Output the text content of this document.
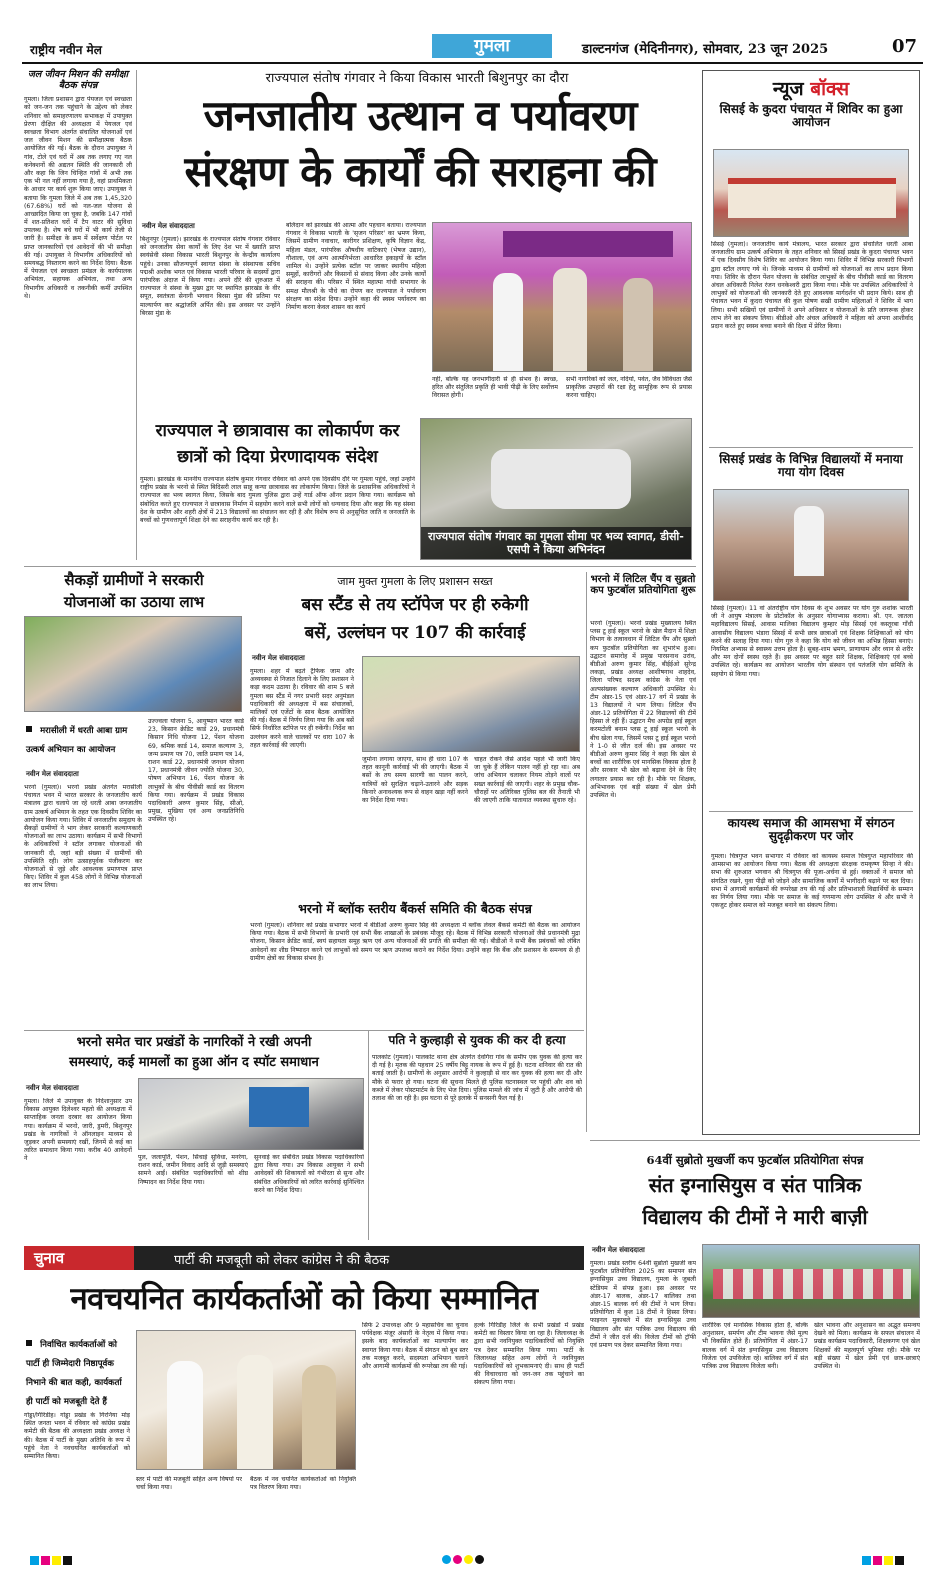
राष्ट्रीय नवीन मेल	गुमला	डाल्टनगंज (मेदिनीनगर), सोमवार, 23 जून 2025	07
जल जीवन मिशन की समीक्षा बैठक संपन्न
गुमला। जिला प्रशासन द्वारा पेयजल एवं स्वच्छता को जन-जन तक पहुंचाने के उद्देश्य को लेकर शनिवार को समाहरणालय सभाकक्ष में उपायुक्त प्रेरणा दीक्षित की अध्यक्षता में पेयजल एवं स्वच्छता विभाग अंतर्गत संचालित योजनाओं एवं जल जीवन मिशन की समीक्षात्मक बैठक आयोजित की गई। बैठक के दौरान उपायुक्त ने गांव, टोले एवं घरों में अब तक लगाए गए नल कनेक्शनों की अद्यतन स्थिति की जानकारी ली और कहा कि जिन चिन्हित गांवों में अभी तक एक भी नल नहीं लगाया गया है, वहां प्राथमिकता के आधार पर कार्य शुरू किया जाए। उपायुक्त ने बताया कि गुमला जिले में अब तक 1,45,320 (67.68%) घरों को नल-जल योजना से आच्छादित किया जा चुका है, जबकि 147 गांवों में शत-प्रतिशत घरों में टैप वाटर की सुविधा उपलब्ध है। शेष बचे घरों में भी कार्य तेजी से जारी है। समीक्षा के क्रम में सर्वेक्षण पोर्टल पर प्राप्त जानकारियों एवं आवेदनों की भी समीक्षा की गई। उपायुक्त ने विभागीय अधिकारियों को समयबद्ध निस्तारण करने का निर्देश दिया। बैठक में पेयजल एवं स्वच्छता प्रमंडल के कार्यपालक अभियंता, सहायक अभियंता, तथा अन्य विभागीय अधिकारी व तकनीकी कर्मी उपस्थित थे।
राज्यपाल संतोष गंगवार ने किया विकास भारती बिशुनपुर का दौरा
जनजातीय उत्थान व पर्यावरण
संरक्षण के कार्यों की सराहना की
नवीन मेल संवाददाता
बिशुनपुर (गुमला)। झारखंड के राज्यपाल संतोष गंगवार रविवार को जनजातीय सेवा कार्यों के लिए देश भर में ख्याति प्राप्त स्वयंसेवी संस्था विकास भारती बिशुनपुर के केन्द्रीय कार्यालय पहुंचे। उनका सौजन्यपूर्ण स्वागत संस्था के संस्थापक सचिव पद्मश्री अशोक भगत एवं विकास भारती परिवार के सदस्यों द्वारा पारंपरिक अंदाज में किया गया। अपने दौरे की शुरुआत में राज्यपाल ने संस्था के मुख्य द्वार पर स्थापित झारखंड के वीर सपूत, स्वतंत्रता सेनानी भगवान बिरसा मुंडा की प्रतिमा पर माल्यार्पण कर श्रद्धांजलि अर्पित की। इस अवसर पर उन्होंने बिरसा मुंडा के
बलिदान को झारखंड की आत्मा और पहचान बताया। राज्यपाल गंगवार ने विकास भारती के 'सृजन परिसर' का भ्रमण किया, जिसमें ग्रामीण नवाचार, कारीगर प्रशिक्षण, कृषि विज्ञान केंद्र, महिला मंडल, पारंपरिक औषधीय वाटिकाएं (भेषज उद्यान), गौशाला, एवं अन्य आत्मनिर्भरता आधारित इकाइयों के स्टॉल शामिल थे। उन्होंने प्रत्येक स्टॉल पर जाकर स्थानीय महिला समूहों, कारीगरों और किसानों से संवाद किया और उनके कार्यों की सराहना की। परिसर में स्थित महात्मा गांधी सभागार के समक्ष मौलश्री के पौधे का रोपण कर राज्यपाल ने पर्यावरण संरक्षण का संदेश दिया। उन्होंने कहा की स्वस्थ पर्यावरण का निर्माण करना केवल शासन का कार्य
नहीं, बल्कि यह जनभागीदारी से ही संभव है। स्वच्छ, हरित और संतुलित प्रकृति ही भावी पीढ़ी के लिए सर्वोत्तम विरासत होगी।
सभी नागरिकों को जल, नदियों, पर्वत, जैव विविधता जैसे प्राकृतिक उपहारों की रक्षा हेतु सामूहिक रूप से प्रयास करना चाहिए।
राज्यपाल ने छात्रावास का लोकार्पण कर
छात्रों को दिया प्रेरणादायक संदेश
गुमला। झारखंड के माननीय राज्यपाल संतोष कुमार गंगवार रविवार को अपने एक दिवसीय दौरे पर गुमला पहुंचे, जहां उन्होंने राष्ट्रीय प्रखंड के भरनो से स्थित बिदिसरी लाल साहू कन्या छात्रावास का लोकार्पण किया। जिले के प्रशासनिक अधिकारियों ने राज्यपाल का भव्य स्वागत किया, जिसके बाद गुमला पुलिस द्वारा उन्हें गार्ड ऑफ ऑनर प्रदान किया गया। कार्यक्रम को संबोधित करते हुए राज्यपाल ने छात्रावास निर्माण में सहयोग करने वाले सभी लोगों को धन्यवाद दिया और कहा कि यह संस्था देश के ग्रामीण और शहरी क्षेत्रों में 213 विद्यालयों का संचालन कर रही है और विशेष रूप से अनुसूचित जाति व जनजाति के बच्चों को गुणवत्तापूर्ण शिक्षा देने का सराहनीय कार्य कर रही है।
राज्यपाल संतोष गंगवार का गुमला सीमा पर भव्य स्वागत, डीसी-एसपी ने किया अभिनंदन
न्यूज बॉक्स
सिसई के कुदरा पंचायत में शिविर का हुआ आयोजन
सिसई (गुमला)। जनजातीय कार्य मंत्रालय, भारत सरकार द्वारा संचालित धरती आबा जनजातीय ग्राम उत्कर्ष अभियान के तहत शनिवार को सिसई प्रखंड के कुदरा पंचायत भवन में एक दिवसीय विशेष शिविर का आयोजन किया गया। शिविर में विभिन्न सरकारी विभागों द्वारा स्टॉल लगाए गये थे। जिनके माध्यम से ग्रामीणों को योजनाओं का लाभ प्रदान किया गया। शिविर के दौरान पेंशन योजना के संबंधित लाभुकों के बीच पीवीसी कार्ड का वितरण अंचल अधिकारी निलेश रंजन धनकेश्वरी द्वारा किया गया। मौके पर उपस्थित अधिकारियों ने लाभुकों को योजनाओं की जानकारी देते हुए आवश्यक मार्गदर्शन भी प्रदान किये। साथ ही पंचायत भवन में कुदरा पंचायत की कुल पोषण सखी ग्रामीण महिलाओं ने शिविर में भाग लिया। सभी सखियों एवं ग्रामीणों ने अपने अधिकार व योजनाओं के प्रति जागरूक होकर लाभ लेने का संकल्प लिया। बीडीओ और अंचल अधिकारी ने महिला को अपना आशीर्वाद प्रदान करते हुए स्वस्थ बच्चा बनाने की दिशा में प्रेरित किया।
सिसई प्रखंड के विभिन्न विद्यालयों में मनाया गया योग दिवस
सिसई (गुमला)। 11 वां अंतर्राष्ट्रीय योग दिवस के शुभ अवसर पर योग गुरु शशांक भारती जी ने आयुष मंत्रालय के प्रोटोकॉल के अनुसार योगाभ्यास कराया। श्री. एन. जातला महाविद्यालय सिसई, आवास मालिका विद्यालय कुम्हार मोड़ सिसई एवं कस्तूरबा गाँधी आवासीय विद्यालय भंडारा सिसई में सभी छात्र छात्राओं एवं शिक्षक शिक्षिकाओं को योग करने की सलाह दिया गया। योग गुरु ने कहा कि योग को जीवन का अभिन्न हिस्सा बनाएं। नियमित अभ्यास से स्वास्थ्य उत्तम होता है। सुबह-शाम भ्रमण, प्राणायाम और ध्यान से शरीर और मन दोनों स्वस्थ रहते हैं। इस अवसर पर बहुत सारे शिक्षक, शिक्षिकाएं एवं बच्चे उपस्थित रहे। कार्यक्रम का आयोजन भारतीय योग संस्थान एवं पतंजलि योग समिति के सहयोग से किया गया।
कायस्थ समाज की आमसभा में संगठन सुदृढ़ीकरण पर जोर
गुमला। चित्रगुप्त भवन सभागार में रविवार को कायस्थ समाज चित्रगुप्त महापरिवार की आमसभा का आयोजन किया गया। बैठक की अध्यक्षता संरक्षक रामकृष्ण सिन्हा ने की। सभा की शुरुआत भगवान श्री चित्रगुप्त की पूजा-अर्चना से हुई। वक्ताओं ने समाज को संगठित रखने, युवा पीढ़ी को जोड़ने और सामाजिक कार्यों में भागीदारी बढ़ाने पर बल दिया। सभा में आगामी कार्यक्रमों की रूपरेखा तय की गई और प्रतिभाशाली विद्यार्थियों के सम्मान का निर्णय लिया गया। मौके पर समाज के कई गणमान्य लोग उपस्थित थे और सभी ने एकजुट होकर समाज को मजबूत बनाने का संकल्प लिया।
सैकड़ों ग्रामीणों ने सरकारी
योजनाओं का उठाया लाभ
मरासीली में धरती आबा ग्राम उत्कर्ष अभियान का आयोजन
नवीन मेल संवाददाता
भरनो (गुमला)। भरनो प्रखंड अंतर्गत मरासीली पंचायत भवन में भारत सरकार के जनजातीय कार्य मंत्रालय द्वारा चलाये जा रहे धरती आबा जनजातीय ग्राम उत्कर्ष अभियान के तहत एक दिवसीय शिविर का आयोजन किया गया। शिविर में जनजातीय समुदाय के सैकड़ों ग्रामीणों ने भाग लेकर सरकारी कल्याणकारी योजनाओं का लाभ उठाया। कार्यक्रम में सभी विभागों के अधिकारियों ने स्टॉल लगाकर योजनाओं की जानकारी दी, जहां बड़ी संख्या में ग्रामीणों की उपस्थिति रही। लोग उत्साहपूर्वक पंजीकरण कर योजनाओं से जुड़े और आवश्यक प्रमाणपत्र प्राप्त किए। शिविर में कुल 458 लोगों ने विभिन्न योजनाओं का लाभ लिया।
उज्ज्वला योजना 5, आयुष्मान भारत कार्ड 23, किसान क्रेडिट कार्ड 29, प्रधानमंत्री किसान निधि योजना 12, पेंशन योजना 69, श्रमिक कार्ड 14, समाज कल्याण 3, जन्म प्रमाण पत्र 70, जाति प्रमाण पत्र 14, राशन कार्ड 22, प्रधानमंत्री जनधन योजना 17, प्रधानमंत्री जीवन ज्योति योजना 30, पोषण अभियान 16, पेंशन योजना के लाभुकों के बीच पीवीसी कार्ड का वितरण किया गया। कार्यक्रम में प्रखंड विकास पदाधिकारी अरुण कुमार सिंह, सीओ, प्रमुख, मुखिया एवं अन्य जनप्रतिनिधि उपस्थित रहे।
जाम मुक्त गुमला के लिए प्रशासन सख्त
बस स्टैंड से तय स्टॉपेज पर ही रुकेगी
बसें, उल्लंघन पर 107 की कार्रवाई
नवीन मेल संवाददाता
गुमला। शहर में बढ़ते ट्रैफिक जाम और अव्यवस्था से निजात दिलाने के लिए प्रशासन ने कड़ा कदम उठाया है। रविवार की शाम 5 बजे गुमला बस स्टैंड में नगर प्रभारी सदर अनुमंडल पदाधिकारी की अध्यक्षता में बस संचालकों, मालिकों एवं एजेंटों के साथ बैठक आयोजित की गई। बैठक में निर्णय लिया गया कि अब बसें सिर्फ निर्धारित स्टॉपेज पर ही रुकेंगी। निर्देश का उल्लंघन करने वाले चालकों पर धारा 107 के तहत कार्रवाई की जाएगी।
जुर्माना लगाया जाएगा, साथ ही धारा 107 के तहत कानूनी कार्रवाई भी की जाएगी। बैठक में बसों के तय समय सारणी का पालन करने, यात्रियों को सुरक्षित चढ़ाने-उतारने और सड़क किनारे अनावश्यक रूप से वाहन खड़ा नहीं करने का निर्देश दिया गया।
चाहत रोकने जैसे आदेश पहले भी जारी किए जा चुके हैं लेकिन पालन नहीं हो रहा था। अब जांच अभियान चलाकर नियम तोड़ने वालों पर सख्त कार्रवाई की जाएगी। शहर के प्रमुख चौक-चौराहों पर अतिरिक्त पुलिस बल की तैनाती भी की जाएगी ताकि यातायात व्यवस्था सुचारु रहे।
भरनो में ब्लॉक स्तरीय बैंकर्स समिति की बैठक संपन्न
भरनो (गुमला)। शनिवार को प्रखंड सभागार भरनो में बीडीओ अरुण कुमार सिंह की अध्यक्षता में ब्लॉक लेवल बैंकर्स कमेटी की बैठक का आयोजन किया गया। बैठक में सभी विभागों के प्रभारी एवं सभी बैंक शाखाओं के प्रबंधक मौजूद रहे। बैठक में विभिन्न सरकारी योजनाओं जैसे प्रधानमंत्री मुद्रा योजना, किसान क्रेडिट कार्ड, स्वयं सहायता समूह ऋण एवं अन्य योजनाओं की प्रगति की समीक्षा की गई। बीडीओ ने सभी बैंक प्रबंधकों को लंबित आवेदनों का शीघ्र निष्पादन करने एवं लाभुकों को समय पर ऋण उपलब्ध कराने का निर्देश दिया। उन्होंने कहा कि बैंक और प्रशासन के समन्वय से ही ग्रामीण क्षेत्रों का विकास संभव है।
भरनो में लिटिल चैंप व सुब्रतो कप फुटबॉल प्रतियोगिता शुरू
भरनो (गुमला)। भरनो प्रखंड मुख्यालय स्थित प्लस टू हाई स्कूल भरनो के खेल मैदान में शिक्षा विभाग के तत्वावधान में लिटिल चैंप और सुब्रतो कप फुटबॉल प्रतियोगिता का शुभारंभ हुआ। उद्घाटन समारोह में प्रमुख पारसनाथ उरांव, बीडीओ अरुण कुमार सिंह, बीईईओ सुरेन्द्र लकड़ा, प्रखंड अध्यक्ष आशीषनाथ शाहदेव, जिला परिषद सदस्य कांग्रेस के नेता एवं अल्पसंख्यक कल्याण अधिकारी उपस्थित थे। टीम अंडर-15 एवं अंडर-17 वर्ग में प्रखंड के 13 विद्यालयों ने भाग लिया। लिटिल चैंप अंडर-12 प्रतियोगिता में 22 विद्यालयों की टीमें हिस्सा ले रही हैं। उद्घाटन मैच अपग्रेड हाई स्कूल करमटोली बनाम प्लस टू हाई स्कूल भरनो के बीच खेला गया, जिसमें प्लस टू हाई स्कूल भरनो ने 1-0 से जीत दर्ज की। इस अवसर पर बीडीओ अरुण कुमार सिंह ने कहा कि खेल से बच्चों का शारीरिक एवं मानसिक विकास होता है और सरकार भी खेल को बढ़ावा देने के लिए लगातार प्रयास कर रही है। मौके पर शिक्षक, अभिभावक एवं बड़ी संख्या में खेल प्रेमी उपस्थित थे।
भरनो समेत चार प्रखंडों के नागरिकों ने रखी अपनी
समस्याएं, कई मामलों का हुआ ऑन द स्पॉट समाधान
नवीन मेल संवाददाता
गुमला। जिले में उपायुक्त के निर्देशानुसार उप विकास आयुक्त दिलेश्वर महतो की अध्यक्षता में साप्ताहिक जनता दरबार का आयोजन किया गया। कार्यक्रम में भरनो, जारी, डुमरी, बिशुनपुर प्रखंड के नागरिकों ने ऑनलाइन माध्यम से जुड़कर अपनी समस्याएं रखीं, जिनमें से कई का त्वरित समाधान किया गया। करीब 40 आवेदनों ने	पुल, जलापूर्ति, पेंशन, सिंचाई सुविधा, मनरेगा, राशन कार्ड, जमीन विवाद आदि से जुड़ी समस्याएं सामने आईं। संबंधित पदाधिकारियों को शीघ्र निष्पादन का निर्देश दिया गया।
सुनवाई कर संबंधित प्रखंड विकास पदाधिकारियों द्वारा किया गया। उप विकास आयुक्त ने सभी आवेदकों की शिकायतों को गंभीरता से सुना और संबंधित अधिकारियों को त्वरित कार्रवाई सुनिश्चित करने का निर्देश दिया।
पति ने कुल्हाड़ी से युवक की कर दी हत्या
पालकोट (गुमला)। पालकोट थाना क्षेत्र अंतर्गत देवगिरा गांव के समीप एक युवक की हत्या कर दी गई है। मृतक की पहचान 25 वर्षीय बिट्टू नायक के रूप में हुई है। घटना शनिवार की रात की बताई जाती है। ग्रामीणों के अनुसार आरोपी ने कुल्हाड़ी से वार कर युवक की हत्या कर दी और मौके से फरार हो गया। घटना की सूचना मिलते ही पुलिस घटनास्थल पर पहुंची और शव को कब्जे में लेकर पोस्टमार्टम के लिए भेज दिया। पुलिस मामले की जांच में जुटी है और आरोपी की तलाश की जा रही है। इस घटना से पूरे इलाके में सनसनी फैल गई है।
चुनाव	पार्टी की मजबूती को लेकर कांग्रेस ने की बैठक
नवचयनित कार्यकर्ताओं को किया सम्मानित
निर्वाचित कार्यकर्ताओं को पार्टी ही जिम्मेदारी निष्ठापूर्वक निभाने की बात कही, कार्यकर्ता ही पार्टी को मजबूती देते हैं
गोड्डा/गिरिडीह। गोड्डा प्रखंड के गिरनिया मोड़ स्थित जनता भवन में रविवार को कांग्रेस प्रखंड कमेटी की बैठक की अध्यक्षता प्रखंड अध्यक्ष ने की। बैठक में पार्टी के मुख्य अतिथि के रूप में पहुंचे नेता ने नवचयनित कार्यकर्ताओं को सम्मानित किया।
स्तर में पार्टी की मजबूती सहित अन्य विषयों पर चर्चा किया गया।
बैठक में नव चयनित कार्यकर्ताओं को नियुक्ति पत्र वितरण किया गया।
सिर्फ 2 उपाध्यक्ष और 9 महासचिव का चुनाव पर्यवेक्षक मंजूर अंसारी के नेतृत्व में किया गया। इसके बाद कार्यकर्ताओं का माल्यार्पण कर स्वागत किया गया। बैठक में संगठन को बूथ स्तर तक मजबूत करने, सदस्यता अभियान चलाने और आगामी कार्यक्रमों की रूपरेखा तय की गई।
हल्के गिरिडीह जिले के सभी प्रखंडों में प्रखंड कमेटी का विस्तार किया जा रहा है। जिलाध्यक्ष के द्वारा सभी नवनियुक्त पदाधिकारियों को नियुक्ति पत्र देकर सम्मानित किया गया। पार्टी के जिलाध्यक्ष सहित अन्य लोगों ने नवनियुक्त पदाधिकारियों को शुभकामनाएं दी। साथ ही पार्टी की विचारधारा को जन-जन तक पहुंचाने का संकल्प लिया गया।
64वीं सुब्रोतो मुखर्जी कप फुटबॉल प्रतियोगिता संपन्न
संत इग्नासियुस व संत पात्रिक
विद्यालय की टीमों ने मारी बाज़ी
नवीन मेल संवाददाता
गुमला। प्रखंड स्तरीय 64वीं सुब्रोतो मुखर्जी कप फुटबॉल प्रतियोगिता 2025 का समापन संत इग्नासियुस उच्च विद्यालय, गुमला के जुबली स्टेडियम में संपन्न हुआ। इस अवसर पर अंडर-17 बालक, अंडर-17 बालिका तथा अंडर-15 बालक वर्ग की टीमों ने भाग लिया। प्रतियोगिता में कुल 18 टीमों ने हिस्सा लिया। फाइनल मुकाबले में संत इग्नासियुस उच्च विद्यालय और संत पात्रिक उच्च विद्यालय की टीमों ने जीत दर्ज की। विजेता टीमों को ट्रॉफी एवं प्रमाण पत्र देकर सम्मानित किया गया।
शारीरिक एवं मानसिक विकास होता है, बल्कि अनुशासन, समर्पण और टीम भावना जैसे मूल्य भी विकसित होते हैं। प्रतियोगिता में अंडर-17 बालक वर्ग में संत इग्नासियुस उच्च विद्यालय विजेता एवं उपविजेता रहे। बालिका वर्ग में संत पात्रिक उच्च विद्यालय विजेता बनी।
खेल भावना और अनुशासन का अद्भुत समन्वय देखने को मिला। कार्यक्रम के सफल संचालन में प्रखंड कार्यक्रम पदाधिकारी, शिक्षकगण एवं खेल शिक्षकों की महत्वपूर्ण भूमिका रही। मौके पर बड़ी संख्या में खेल प्रेमी एवं छात्र-छात्राएं उपस्थित थे।
